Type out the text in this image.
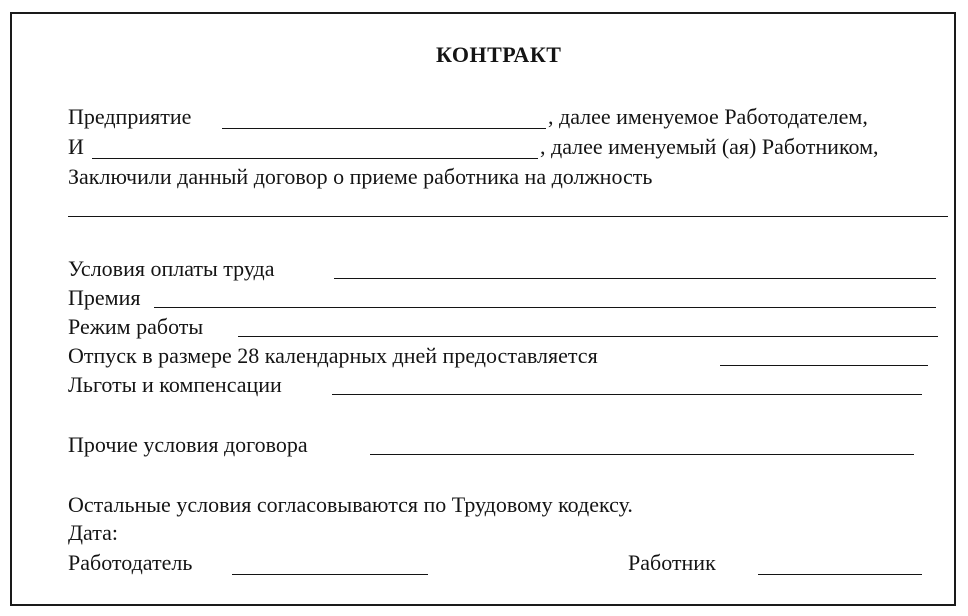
КОНТРАКТ
Предприятие	, далее именуемое Работодателем,
И	, далее именуемый (ая) Работником,
Заключили данный договор о приеме работника на должность
Условия оплаты труда
Премия
Режим работы
Отпуск в размере 28 календарных дней предоставляется
Льготы и компенсации
Прочие условия договора
Остальные условия согласовываются по Трудовому кодексу.
Дата:
Работодатель	Работник
